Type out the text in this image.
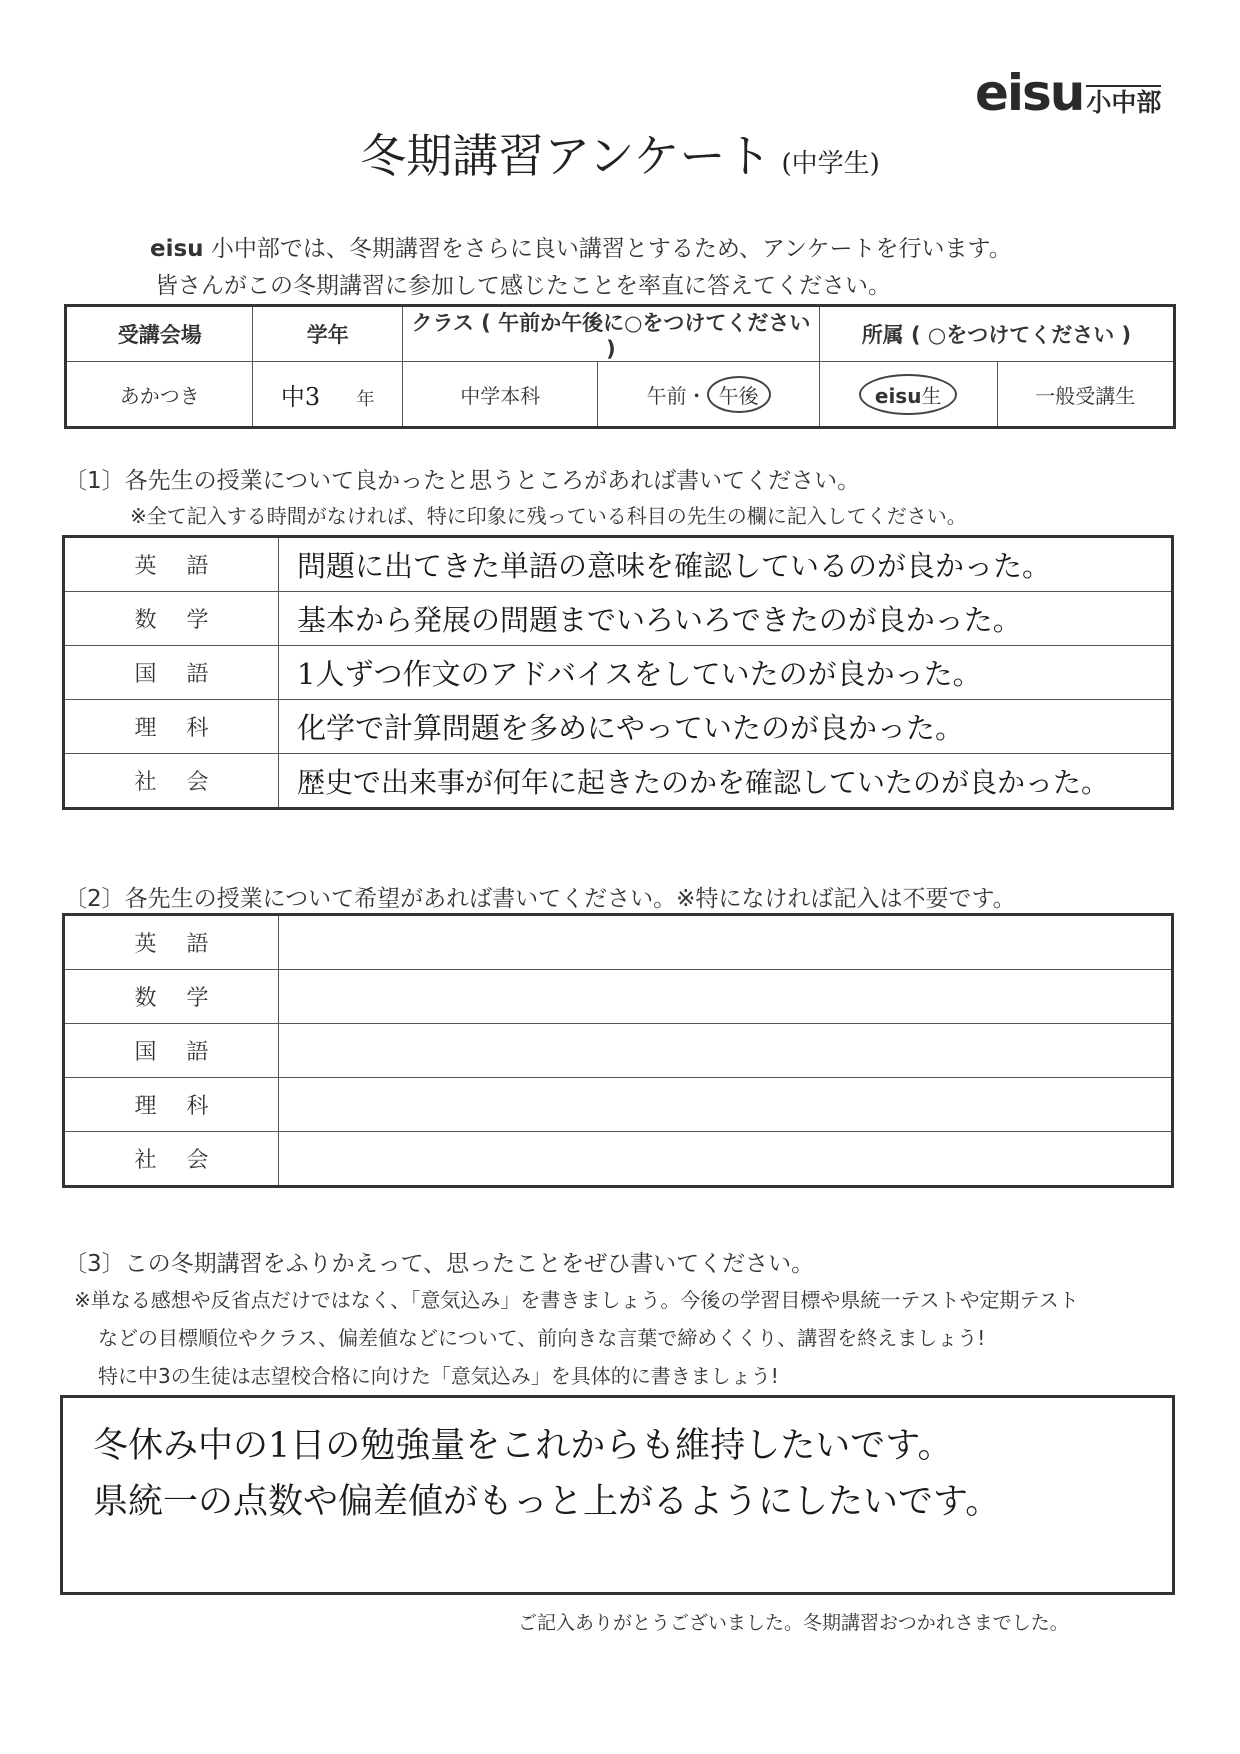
eisu 小中部
冬期講習アンケート (中学生)
eisu 小中部では、冬期講習をさらに良い講習とするため、アンケートを行います。
皆さんがこの冬期講習に参加して感じたことを率直に答えてください。
受講会場	学年	クラス ( 午前か午後に○をつけてください )		所属 ( ○をつけてください )	
あかつき	中3 年	中学本科	午前・ 午後	eisu生	一般受講生
〔1〕各先生の授業について良かったと思うところがあれば書いてください。
※全て記入する時間がなければ、特に印象に残っている科目の先生の欄に記入してください。
英語	問題に出てきた単語の意味を確認しているのが良かった。
数学	基本から発展の問題までいろいろできたのが良かった。
国語	1人ずつ作文のアドバイスをしていたのが良かった。
理科	化学で計算問題を多めにやっていたのが良かった。
社会	歴史で出来事が何年に起きたのかを確認していたのが良かった。
〔2〕各先生の授業について希望があれば書いてください。※特になければ記入は不要です。
英語	
数学	
国語	
理科	
社会	
〔3〕この冬期講習をふりかえって、思ったことをぜひ書いてください。
※単なる感想や反省点だけではなく、「意気込み」を書きましょう。今後の学習目標や県統一テストや定期テスト
などの目標順位やクラス、偏差値などについて、前向きな言葉で締めくくり、講習を終えましょう!
特に中3の生徒は志望校合格に向けた「意気込み」を具体的に書きましょう!
冬休み中の1日の勉強量をこれからも維持したいです。
県統一の点数や偏差値がもっと上がるようにしたいです。
ご記入ありがとうございました。冬期講習おつかれさまでした。
